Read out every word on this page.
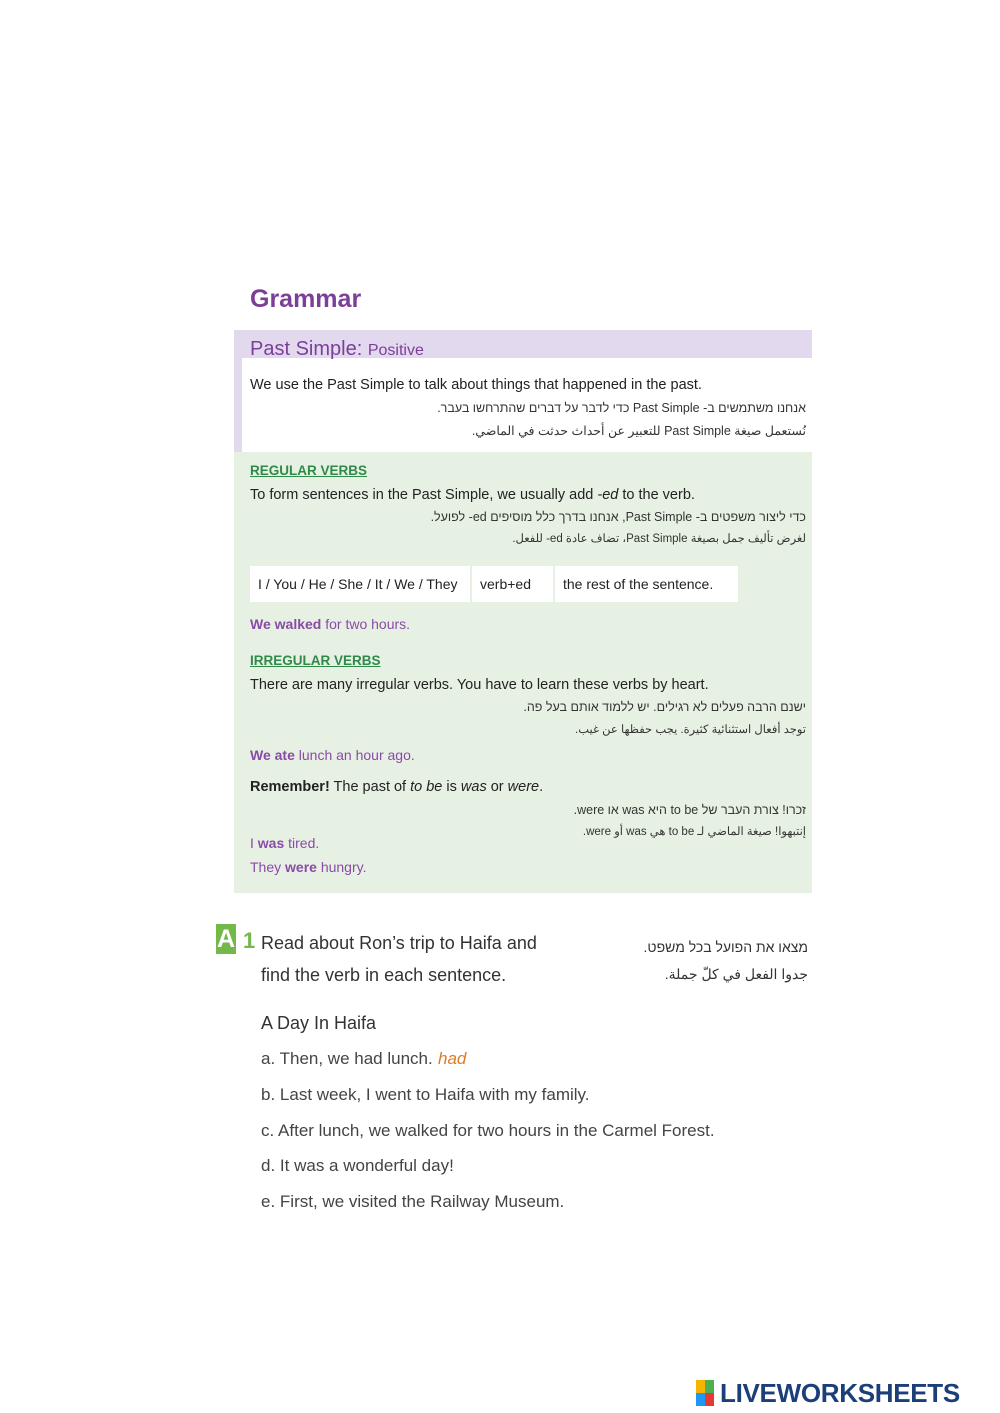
Grammar
Past Simple: Positive
We use the Past Simple to talk about things that happened in the past.
אנחנו משתמשים ב- Past Simple כדי לדבר על דברים שהתרחשו בעבר.
نُستعمل صيغة Past Simple للتعبير عن أحداث حدثت في الماضي.
REGULAR VERBS
To form sentences in the Past Simple, we usually add -ed to the verb.
כדי ליצור משפטים ב- Past Simple, אנחנו בדרך כלל מוסיפים ed- לפועל.
لغرض تأليف جمل بصيغة Past Simple، تضاف عادة ed- للفعل.
I / You / He / She / It / We / They	verb+ed	the rest of the sentence.
We walked for two hours.
IRREGULAR VERBS
There are many irregular verbs. You have to learn these verbs by heart.
ישנם הרבה פעלים לא רגילים. יש ללמוד אותם בעל פה.
توجد أفعال استثنائية كثيرة. يجب حفظها عن غيب.
We ate lunch an hour ago.
Remember! The past of to be is was or were.
זכרו! צורת העבר של to be היא was או were.
إنتبهوا! صيغة الماضي لـ to be هي was أو were.
I was tired.
They were hungry.
A 1 Read about Ron’s trip to Haifa and
find the verb in each sentence.
מצאו את הפועל בכל משפט.
جدوا الفعل في كلّ جملة.
A Day In Haifa
a. Then, we had lunch. had
b. Last week, I went to Haifa with my family.
c. After lunch, we walked for two hours in the Carmel Forest.
d. It was a wonderful day!
e. First, we visited the Railway Museum.
LIVEWORKSHEETS
